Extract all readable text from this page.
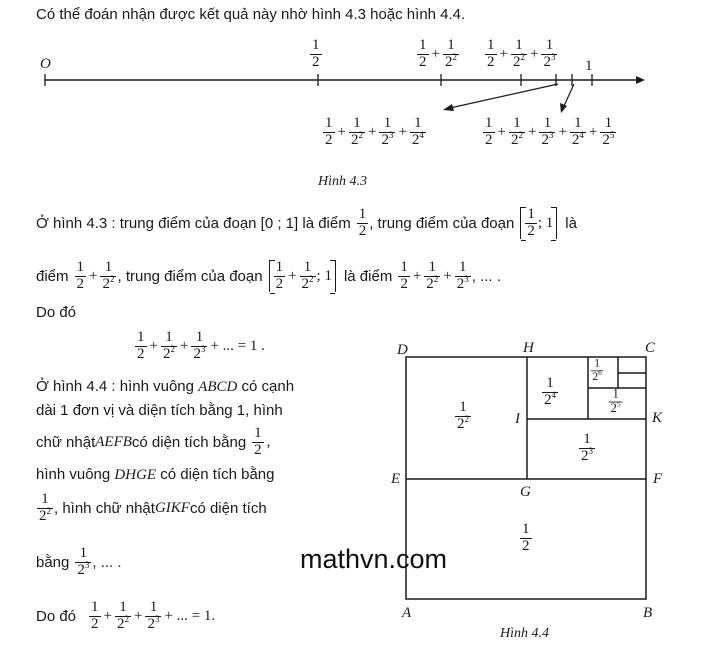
Có thể đoán nhận được kết quả này nhờ hình 4.3 hoặc hình 4.4.
O	1
$\frac{1}{2}$	$\frac{1}{2} + \frac{1}{2^2} \frac{1}{2} + \frac{1}{2^2} + \frac{1}{2^3}$
$\frac{1}{2} + \frac{1}{2^2} + \frac{1}{2^3} + \frac{1}{2^4}$	$\frac{1}{2} + \frac{1}{2^2} + \frac{1}{2^3} + \frac{1}{2^4} + \frac{1}{2^5}$
Hình 4.3
Ở hình 4.3 : trung điểm của đoạn [0 ; 1] là điểm $\frac{1}{2}$ , trung điểm của đoạn $\frac{1}{2}$ ; 1 là
điểm $\frac{1}{2} + \frac{1}{2^2}$ , trung điểm của đoạn $\frac{1}{2} + \frac{1}{2^2}$ ; 1 là điểm $\frac{1}{2} + \frac{1}{2^2} + \frac{1}{2^3}$ , ... .
Do đó
$\frac{1}{2} + \frac{1}{2^2} + \frac{1}{2^3}$ + ... = 1 .
Ở hình 4.4 : hình vuông ABCD có cạnh
dài 1 đơn vị và diện tích bằng 1, hình
chữ nhật AEFB có diện tích bằng $\frac{1}{2}$ ,
hình vuông DHGE có diện tích bằng
$\frac{1}{2^2}$ , hình chữ nhật GIKF có diện tích
bằng $\frac{1}{2^3}$ , ... .
Do đó $\frac{1}{2} + \frac{1}{2^2} + \frac{1}{2^3}$ + ... = 1.
D	H	C
K
I
E
G
F
A	B
$\frac{1}{2^2}$
$\frac{1}{2^4}$
$\frac{1}{2^6}$
$\frac{1}{2^5}$
$\frac{1}{2^3}$
$\frac{1}{2}$
Hình 4.4
mathvn.com
